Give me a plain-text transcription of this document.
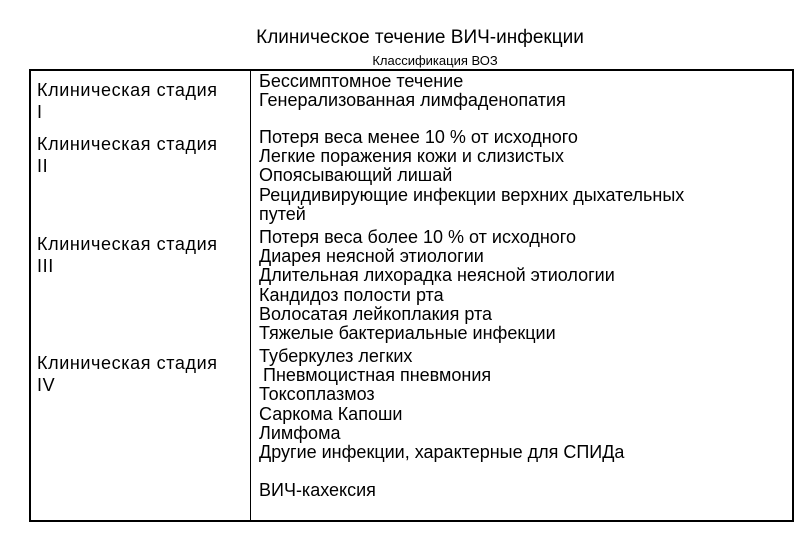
Клиническое течение ВИЧ-инфекции
Классификация ВОЗ
Клиническая стадия
I
Бессимптомное течение
Генерализованная лимфаденопатия
Клиническая стадия
II
Потеря веса менее 10 % от исходного
Легкие поражения кожи и слизистых
Опоясывающий лишай
Рецидивирующие инфекции верхних дыхательных
путей
Клиническая стадия
III
Потеря веса более 10 % от исходного
Диарея неясной этиологии
Длительная лихорадка неясной этиологии
Кандидоз полости рта
Волосатая лейкоплакия рта
Тяжелые бактериальные инфекции
Клиническая стадия
IV
Туберкулез легких
Пневмоцистная пневмония
Токсоплазмоз
Саркома Капоши
Лимфома
Другие инфекции, характерные для СПИДа
ВИЧ-кахексия
